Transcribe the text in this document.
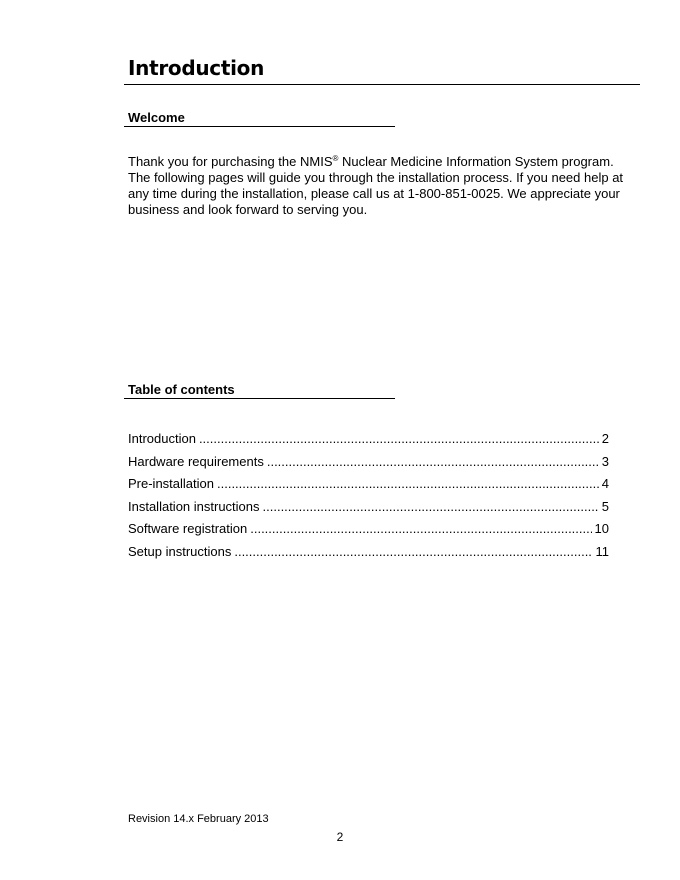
Introduction
Welcome

Thank you for purchasing the NMIS® Nuclear Medicine Information System program. The following pages will guide you through the installation process. If you need help at any time during the installation, please call us at 1-800-851-0025. We appreciate your business and look forward to serving you.

Table of contents
Introduction .....	2
Hardware requirements .....	3
Pre-installation .....	4
Installation instructions .....	5
Software registration .....	10
Setup instructions .....	11

Revision 14.x February 2013

2
